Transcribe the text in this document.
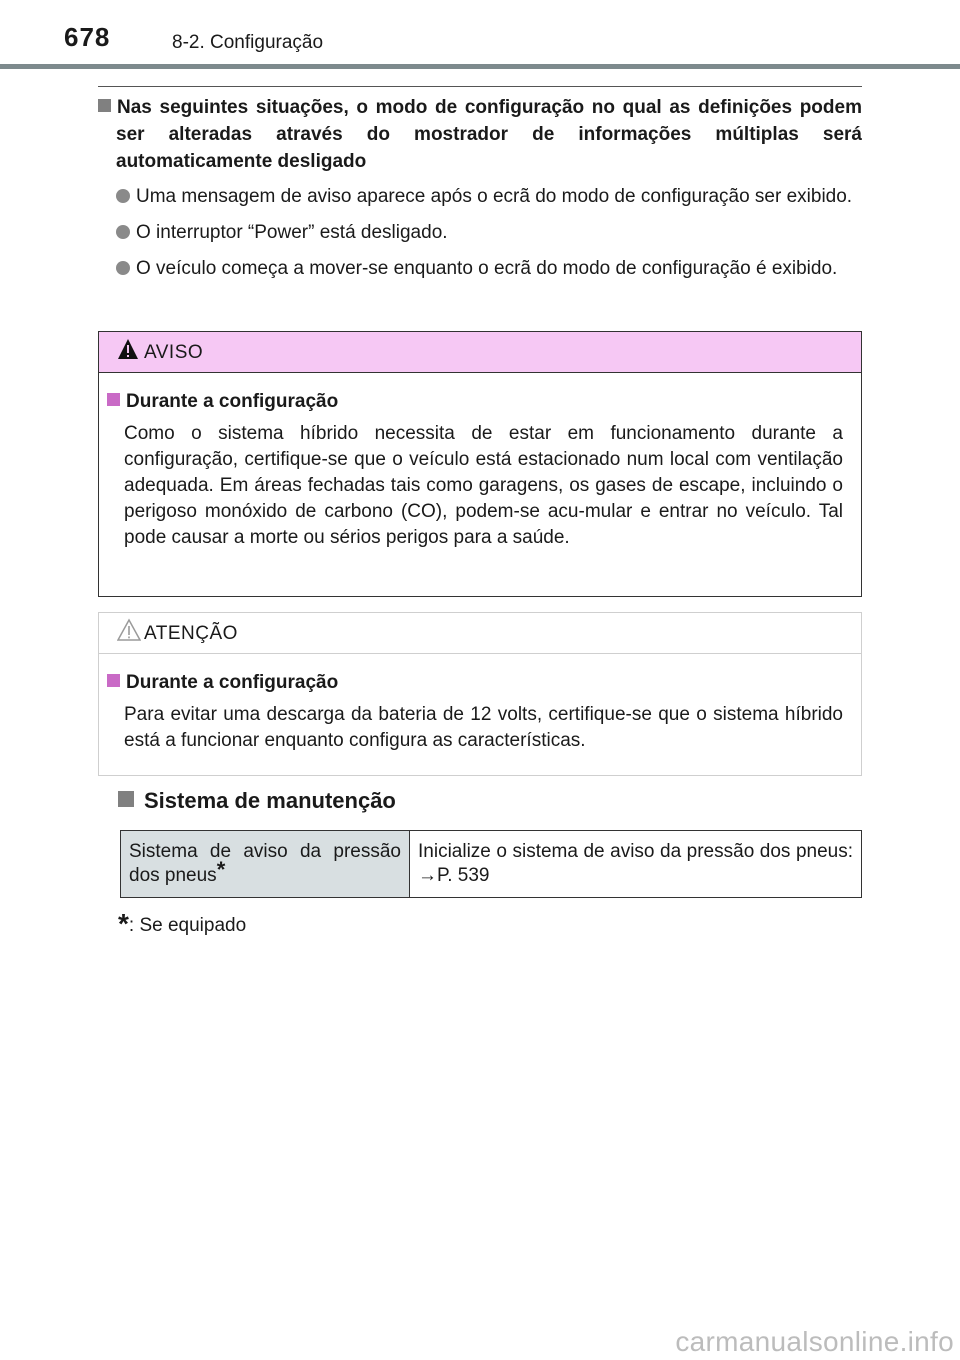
678	8-2. Configuração
Nas seguintes situações, o modo de configuração no qual as definições podem ser alteradas através do mostrador de informações múltiplas será automaticamente desligado
Uma mensagem de aviso aparece após o ecrã do modo de configuração ser exibido.
O interruptor “Power” está desligado.
O veículo começa a mover-se enquanto o ecrã do modo de configuração é exibido.
AVISO
Durante a configuração
Como o sistema híbrido necessita de estar em funcionamento durante a configuração, certifique-se que o veículo está estacionado num local com ventilação adequada. Em áreas fechadas tais como garagens, os gases de escape, incluindo o perigoso monóxido de carbono (CO), podem-se acu-mular e entrar no veículo. Tal pode causar a morte ou sérios perigos para a saúde.
ATENÇÃO
Durante a configuração
Para evitar uma descarga da bateria de 12 volts, certifique-se que o sistema híbrido está a funcionar enquanto configura as características.
Sistema de manutenção
Sistema de aviso da pressão dos pneus*	Inicialize o sistema de aviso da pressão dos pneus: →P. 539
*: Se equipado
carmanualsonline.info
